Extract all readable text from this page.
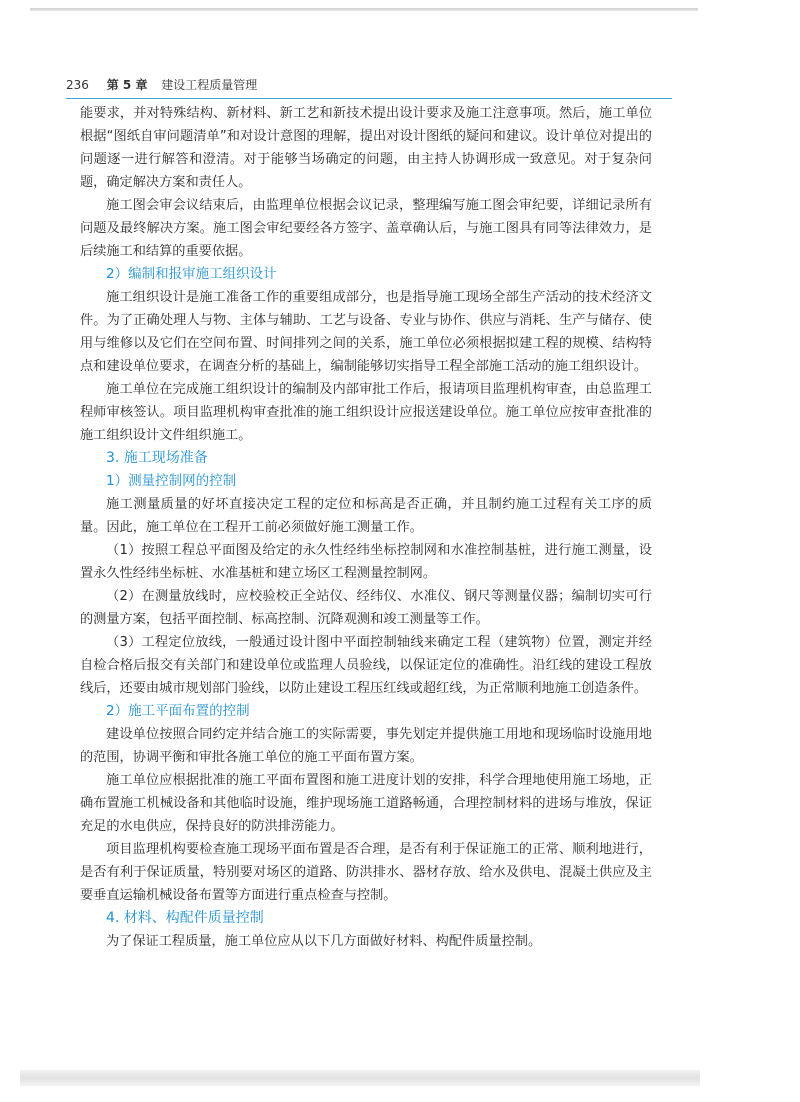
236 第 5 章 建设工程质量管理

能要求，并对特殊结构、新材料、新工艺和新技术提出设计要求及施工注意事项。然后，施工单位根据“图纸自审问题清单”和对设计意图的理解，提出对设计图纸的疑问和建议。设计单位对提出的问题逐一进行解答和澄清。对于能够当场确定的问题，由主持人协调形成一致意见。对于复杂问题，确定解决方案和责任人。

施工图会审会议结束后，由监理单位根据会议记录，整理编写施工图会审纪要，详细记录所有问题及最终解决方案。施工图会审纪要经各方签字、盖章确认后，与施工图具有同等法律效力，是后续施工和结算的重要依据。

2）编制和报审施工组织设计

施工组织设计是施工准备工作的重要组成部分，也是指导施工现场全部生产活动的技术经济文件。为了正确处理人与物、主体与辅助、工艺与设备、专业与协作、供应与消耗、生产与储存、使用与维修以及它们在空间布置、时间排列之间的关系，施工单位必须根据拟建工程的规模、结构特点和建设单位要求，在调查分析的基础上，编制能够切实指导工程全部施工活动的施工组织设计。

施工单位在完成施工组织设计的编制及内部审批工作后，报请项目监理机构审查，由总监理工程师审核签认。项目监理机构审查批准的施工组织设计应报送建设单位。施工单位应按审查批准的施工组织设计文件组织施工。

3. 施工现场准备

1）测量控制网的控制

施工测量质量的好坏直接决定工程的定位和标高是否正确，并且制约施工过程有关工序的质量。因此，施工单位在工程开工前必须做好施工测量工作。

（1）按照工程总平面图及给定的永久性经纬坐标控制网和水准控制基桩，进行施工测量，设置永久性经纬坐标桩、水准基桩和建立场区工程测量控制网。

（2）在测量放线时，应校验校正全站仪、经纬仪、水准仪、钢尺等测量仪器；编制切实可行的测量方案，包括平面控制、标高控制、沉降观测和竣工测量等工作。

（3）工程定位放线，一般通过设计图中平面控制轴线来确定工程（建筑物）位置，测定并经自检合格后报交有关部门和建设单位或监理人员验线，以保证定位的准确性。沿红线的建设工程放线后，还要由城市规划部门验线，以防止建设工程压红线或超红线，为正常顺利地施工创造条件。

2）施工平面布置的控制

建设单位按照合同约定并结合施工的实际需要，事先划定并提供施工用地和现场临时设施用地的范围，协调平衡和审批各施工单位的施工平面布置方案。

施工单位应根据批准的施工平面布置图和施工进度计划的安排，科学合理地使用施工场地，正确布置施工机械设备和其他临时设施，维护现场施工道路畅通，合理控制材料的进场与堆放，保证充足的水电供应，保持良好的防洪排涝能力。

项目监理机构要检查施工现场平面布置是否合理，是否有利于保证施工的正常、顺利地进行，是否有利于保证质量，特别要对场区的道路、防洪排水、器材存放、给水及供电、混凝土供应及主要垂直运输机械设备布置等方面进行重点检查与控制。

4. 材料、构配件质量控制

为了保证工程质量，施工单位应从以下几方面做好材料、构配件质量控制。
